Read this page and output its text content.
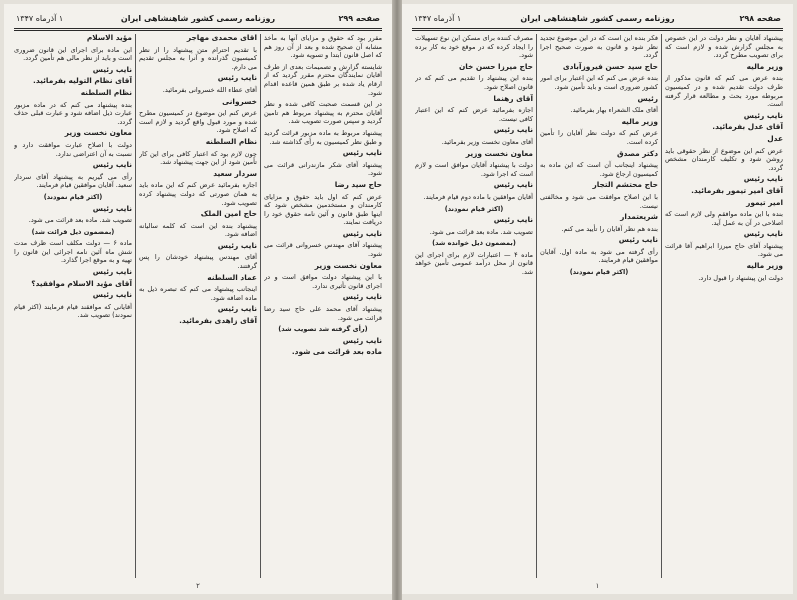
صفحه ۲۹۹
روزنامه رسمی کشور شاهنشاهی ایران
۱ آذرماه ۱۳۴۷

مقرر بود که حقوق و مزایای آنها به مأخذ مشابه آن صحیح شده و بعد از آن روز هم که اصل قانون ابتدا و تسویه شود.

شایسته گزارش و تصمیمات بعدی از طرف آقایان نمایندگان محترم مقرر گردید که از ارقام یاد شده بر طبق همین قاعده اقدام شود.

در این قسمت صحبت کافی شده و نظر آقایان محترم به پیشنهاد مربوط هم تامین گردید و سپس صورت تصویب شد.

پیشنهاد مربوط به ماده مزبور قرائت گردید و طبق نظر کمیسیون به رأی گذاشته شد.

نایب رئیس

پیشنهاد آقای شکر مازندرانی قرائت می شود.

حاج سید رضا

عرض کنم که اول باید حقوق و مزایای کارمندان و مستخدمین مشخص شود که اینها طبق قانون و آئین نامه حقوق خود را دریافت نمایند.

نایب رئیس

پیشنهاد آقای مهندس خسروانی قرائت می شود.

معاون نخست وزیر

با این پیشنهاد دولت موافق است و در اجرای قانون تأثیری ندارد.

نایب رئیس

پیشنهاد آقای محمد علی حاج سید رضا قرائت می شود.

(رأی گرفته شد تصویب شد)

نایب رئیس

ماده بعد قرائت می شود.

آقای محمدی مهاجر

با تقدیم احترام متن پیشنهاد را از نظر کمیسیون گذرانده و آنرا به مجلس تقدیم می دارم.

نایب رئیس

آقای عطاء الله خسروانی بفرمائید.

خسروانی

عرض کنم این موضوع در کمیسیون مطرح شده و مورد قبول واقع گردید و لازم است که اصلاح شود.

نظام السلطنه

چون لازم بود که اعتبار کافی برای این کار تأمین شود از این جهت پیشنهاد شد.

سردار سعید

اجازه بفرمائید عرض کنم که این ماده باید به همان صورتی که دولت پیشنهاد کرده تصویب شود.

حاج امین الملک

پیشنهاد بنده این است که کلمه سالیانه اضافه شود.

نایب رئیس

آقای مهندس پیشنهاد خودشان را پس گرفتند.

عماد السلطنه

اینجانب پیشنهاد می کنم که تبصره ذیل به ماده اضافه شود.

نایب رئیس

آقای زاهدی بفرمائید.

مؤید الاسلام

این ماده برای اجرای این قانون ضروری است و باید از نظر مالی هم تأمین گردد.

نایب رئیس

آقای نظام التولیه بفرمائید.

نظام السلطنه

بنده پیشنهاد می کنم که در ماده مزبور عبارت ذیل اضافه شود و عبارت قبلی حذف گردد.

معاون نخست وزیر

دولت با اصلاح عبارت موافقت دارد و نسبت به آن اعتراضی ندارد.

نایب رئیس

رأی می گیریم به پیشنهاد آقای سردار سعید. آقایان موافقین قیام فرمایند.

(اکثر قیام نمودند)

نایب رئیس

تصویب شد. ماده بعد قرائت می شود.

(بمضمون ذیل قرائت شد)

ماده ۶ — دولت مکلف است ظرف مدت شش ماه آئین نامه اجرائی این قانون را تهیه و به موقع اجرا گذارد.

نایب رئیس

آقای مؤید الاسلام موافقید؟

نایب رئیس

آقایانی که موافقند قیام فرمایند (اکثر قیام نمودند) تصویب شد.

۲
صفحه ۲۹۸
روزنامه رسمی کشور شاهنشاهی ایران
۱ آذرماه ۱۳۴۷

پیشنهاد آقایان و نظر دولت در این خصوص به مجلس گزارش شده و لازم است که برای تصویب مطرح گردد.

وزیر مالیه

بنده عرض می کنم که قانون مذکور از طرف دولت تقدیم شده و در کمیسیون مربوطه مورد بحث و مطالعه قرار گرفته است.

نایب رئیس

آقای عدل بفرمائید.

عدل

عرض کنم این موضوع از نظر حقوقی باید روشن شود و تکلیف کارمندان مشخص گردد.

نایب رئیس

آقای امیر تیمور بفرمائید.

امیر تیمور

بنده با این ماده موافقم ولی لازم است که اصلاحی در آن به عمل آید.

نایب رئیس

پیشنهاد آقای حاج میرزا ابراهیم آقا قرائت می شود.

وزیر مالیه

دولت این پیشنهاد را قبول دارد.

فکر بنده این است که در این موضوع تجدید نظر شود و قانون به صورت صحیح اجرا گردد.

حاج سید حسن فیروزآبادی

بنده عرض می کنم که این اعتبار برای امور کشور ضروری است و باید تأمین شود.

رئیس

آقای ملک الشعراء بهار بفرمائید.

وزیر مالیه

عرض کنم که دولت نظر آقایان را تأمین کرده است.

دکتر مصدق

پیشنهاد اینجانب آن است که این ماده به کمیسیون ارجاع شود.

حاج محتشم التجار

با این اصلاح موافقت می شود و مخالفتی نیست.

شریعتمدار

بنده هم نظر آقایان را تأیید می کنم.

نایب رئیس

رأی گرفته می شود به ماده اول. آقایان موافقین قیام فرمایند.

(اکثر قیام نمودند)

مصرف کننده برای مسکن این نوع تسهیلات را ایجاد کرده که در موقع خود به کار برده شود.

حاج میرزا حسن خان

بنده این پیشنهاد را تقدیم می کنم که در قانون اصلاح شود.

آقای رهنما

اجازه بفرمائید عرض کنم که این اعتبار کافی نیست.

نایب رئیس

آقای معاون نخست وزیر بفرمائید.

معاون نخست وزیر

دولت با پیشنهاد آقایان موافق است و لازم است که اجرا شود.

نایب رئیس

آقایان موافقین با ماده دوم قیام فرمایند.

(اکثر قیام نمودند)

نایب رئیس

تصویب شد. ماده بعد قرائت می شود.

(بمضمون ذیل خوانده شد)

ماده ۴ — اعتبارات لازم برای اجرای این قانون از محل درآمد عمومی تأمین خواهد شد.

۱
